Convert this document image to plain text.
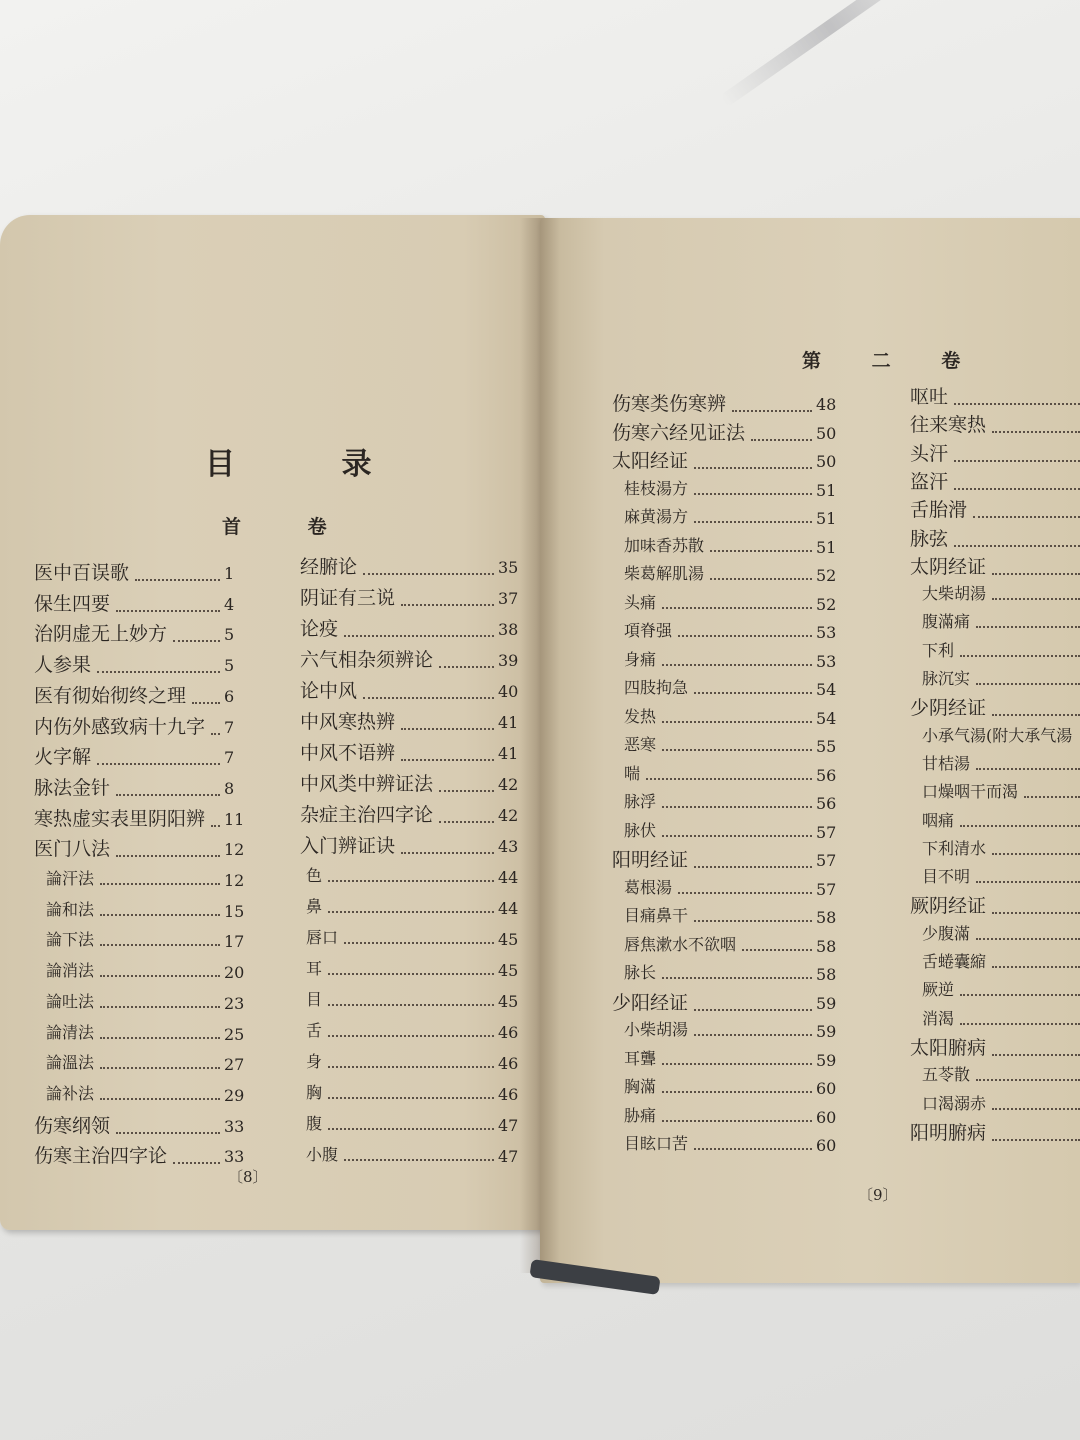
目 录
首 卷
第 二 卷
〔8〕
〔9〕
医中百误歌	1
保生四要	4
治阴虚无上妙方	5
人参果	5
医有彻始彻终之理 6
内伤外感致病十九字 7
火字解	7
脉法金针	8
寒热虚实表里阴阳辨 11
医门八法	12
論汗法	12
論和法	15
論下法	17
論消法	20
論吐法	23
論清法	25
論溫法	27
論补法	29
伤寒纲领	33
伤寒主治四字论	33
经腑论	35
阴证有三说	37
论疫	38
六气相杂须辨论	39
论中风	40
中风寒热辨	41
中风不语辨	41
中风类中辨证法	42
杂症主治四字论	42
入门辨证诀	43
色	44
鼻	44
唇口	45
耳	45
目	45
舌	46
身	46
胸	46
腹	47
小腹	47
伤寒类伤寒辨	48
伤寒六经见证法	50
太阳经证	50
桂枝湯方	51
麻黄湯方	51
加味香苏散	51
柴葛解肌湯	52
头痛	52
項脊强	53
身痛	53
四肢拘急	54
发热	54
恶寒	55
喘	56
脉浮	56
脉伏	57
阳明经证	57
葛根湯	57
目痛鼻干	58
唇焦漱水不欲咽	58
脉长	58
少阳经证	59
小柴胡湯	59
耳聾	59
胸滿	60
胁痛	60
目眩口苦	60
呕吐
往来寒热
头汗
盗汗
舌胎滑
脉弦
太阴经证
大柴胡湯
腹滿痛
下利
脉沉实
少阴经证
小承气湯(附大承气湯
甘桔湯
口燥咽干而渴
咽痛
下利清水
目不明
厥阴经证
少腹滿
舌蜷囊縮
厥逆
消渴
太阳腑病
五苓散
口渴溺赤
阳明腑病
